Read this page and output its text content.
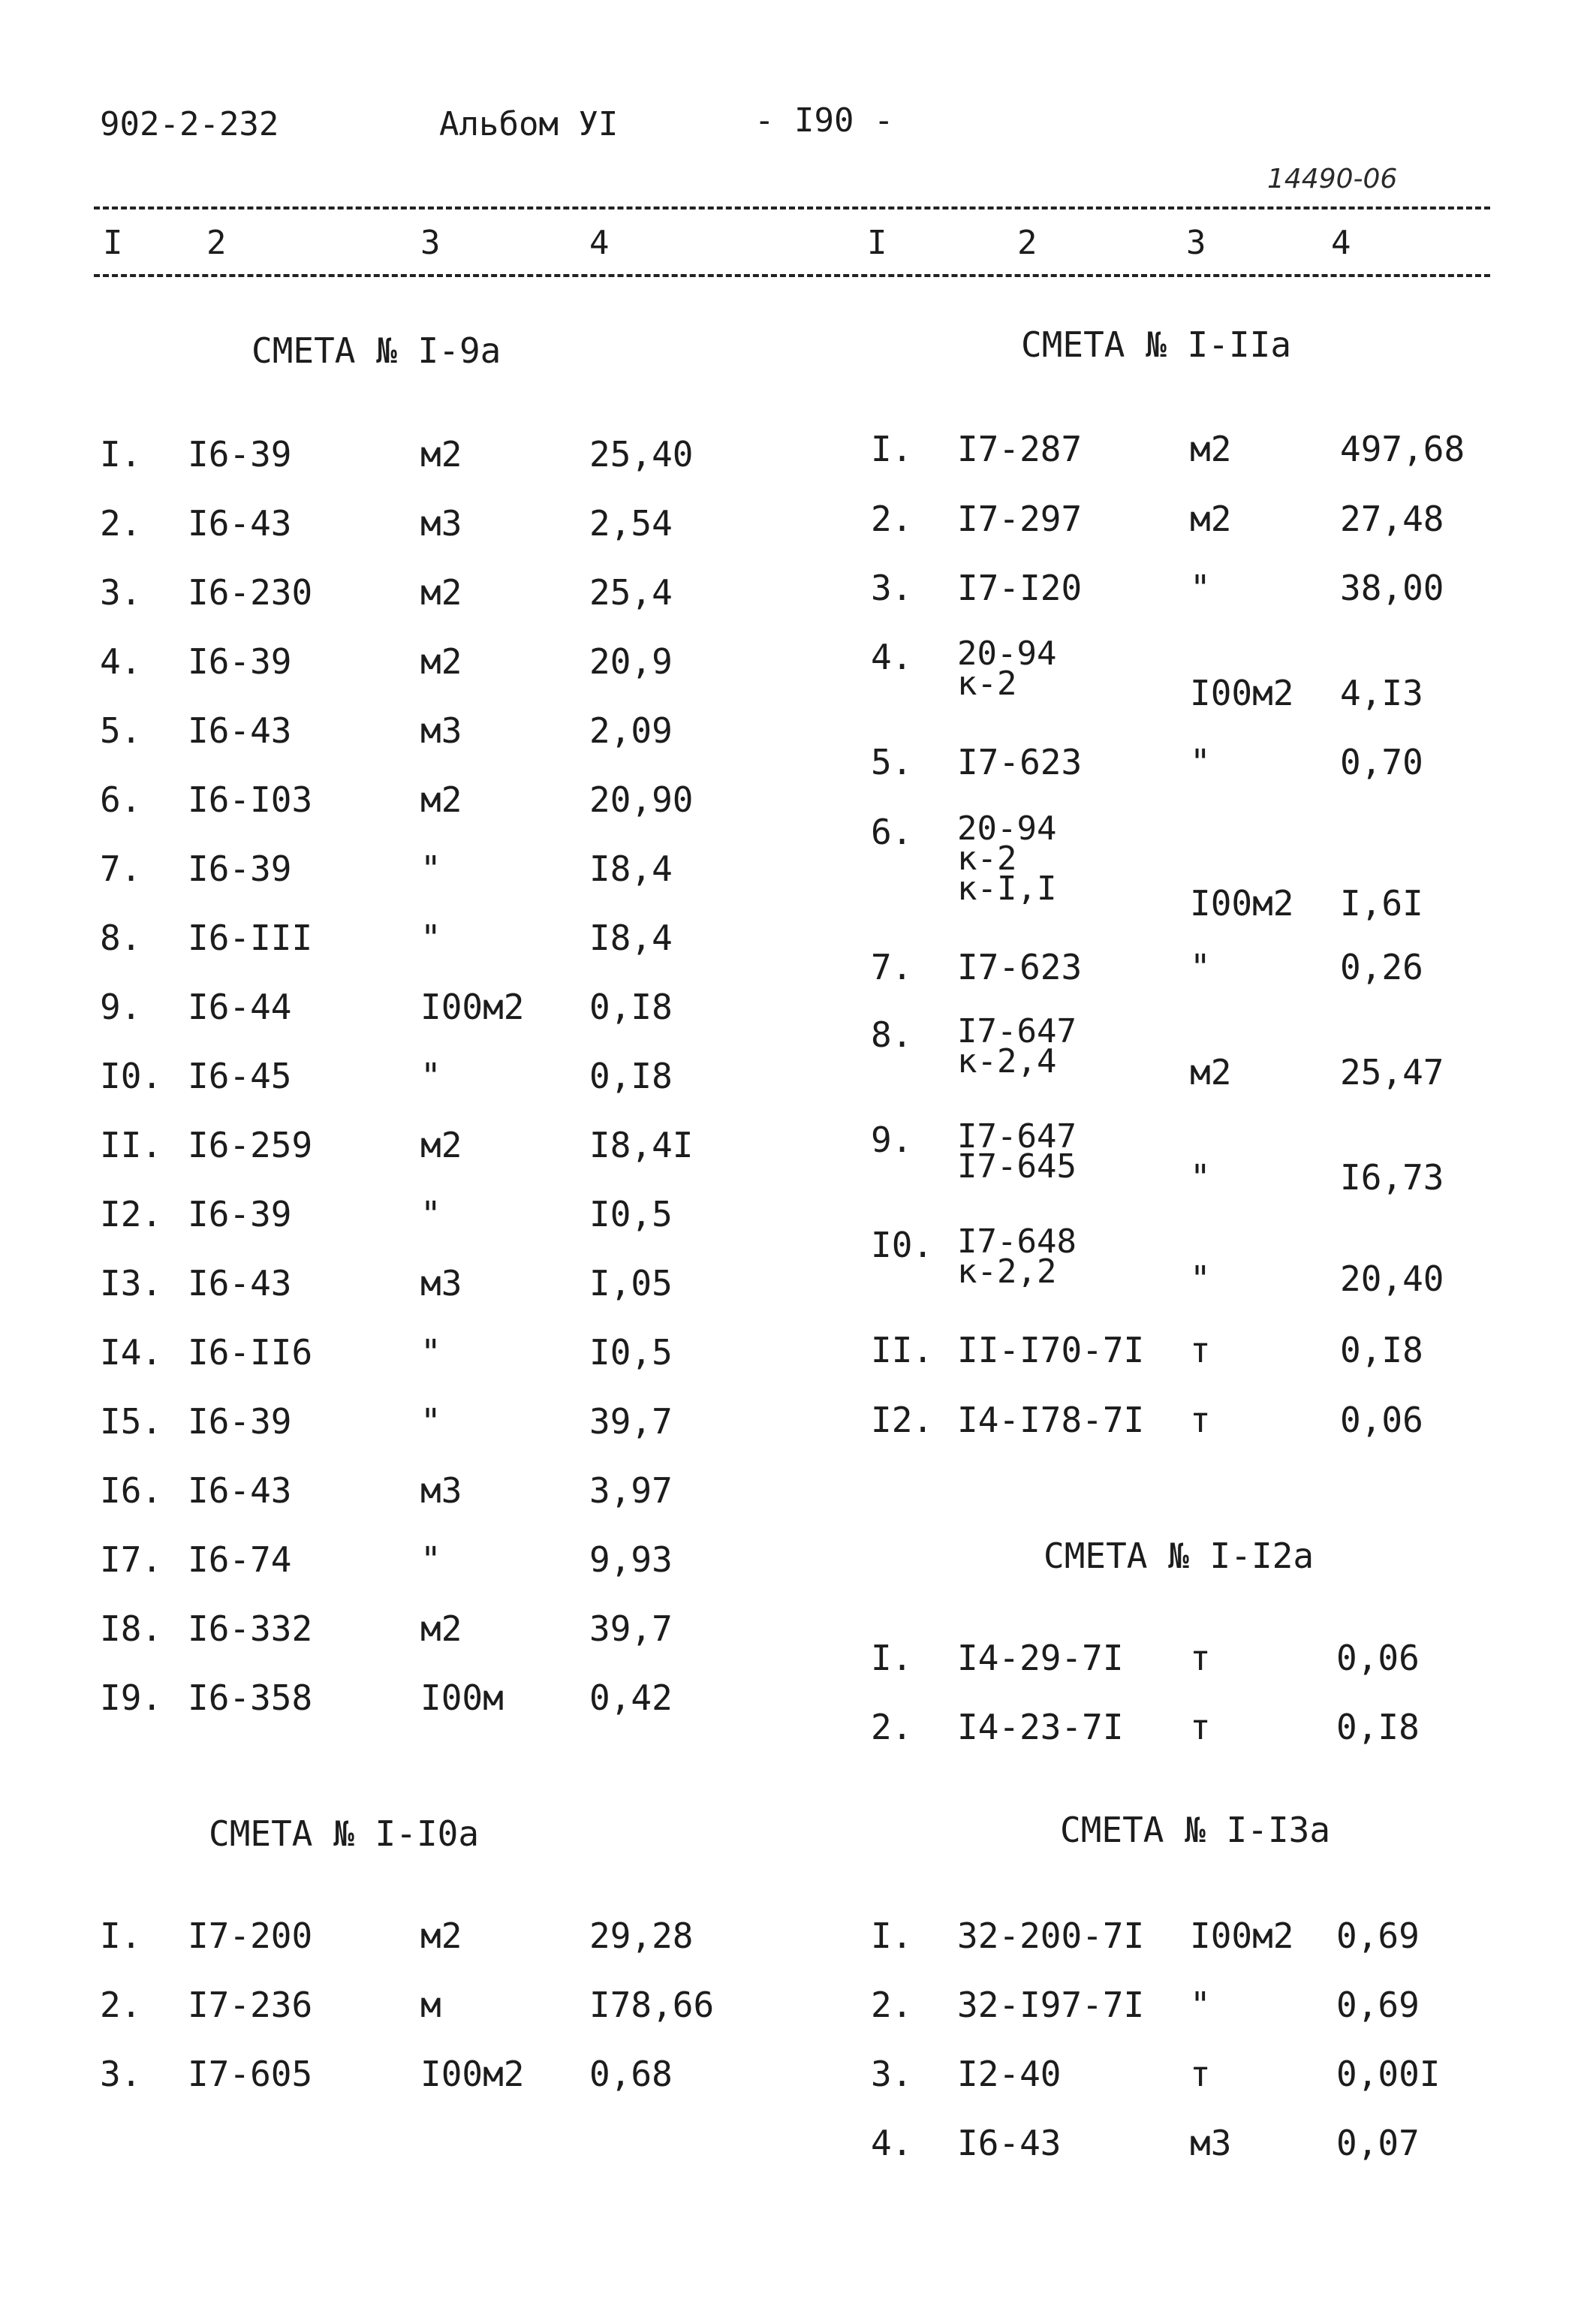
902-2-232	Альбом УI	- I90 -
14490-06
I	2	3	4	I	2	3	4
СМЕТА № I-9а	СМЕТА № I-IIа
СМЕТА № I-I0а
СМЕТА № I-I2а
СМЕТА № I-I3а
I. I6-39	м2	25,40
2. I6-43	м3	2,54
3. I6-230	м2	25,4
4. I6-39	м2	20,9
5. I6-43	м3	2,09
6. I6-I03	м2	20,90
7. I6-39	"	I8,4
8. I6-III	"	I8,4
9. I6-44	I00м2 0,I8
I0. I6-45	"	0,I8
II. I6-259	м2	I8,4I
I2. I6-39	"	I0,5
I3. I6-43	м3	I,05
I4. I6-II6	"	I0,5
I5. I6-39	"	39,7
I6. I6-43	м3	3,97
I7. I6-74	"	9,93
I8. I6-332	м2	39,7
I9. I6-358	I00м 0,42
I. I7-200	м2	29,28
2. I7-236	м	I78,66
3. I7-605	I00м2 0,68
I. I7-287	м2	497,68
2. I7-297	м2	27,48
3. I7-I20	"	38,00
4. 20-94
к-2	I00м2 4,I3
5. I7-623	"	0,70
6. 20-94
к-2
к-I,I	I00м2 I,6I
7. I7-623	"	0,26
8. I7-647
к-2,4	м2	25,47
9. I7-647
I7-645	"	I6,73
I0. I7-648
к-2,2	"	20,40
II. II-I70-7I т	0,I8
I2. I4-I78-7I т	0,06
I. I4-29-7I т	0,06
2. I4-23-7I т	0,I8
I. 32-200-7I I00м2 0,69
2. 32-I97-7I "	0,69
3. I2-40	т	0,00I
4. I6-43	м3	0,07
